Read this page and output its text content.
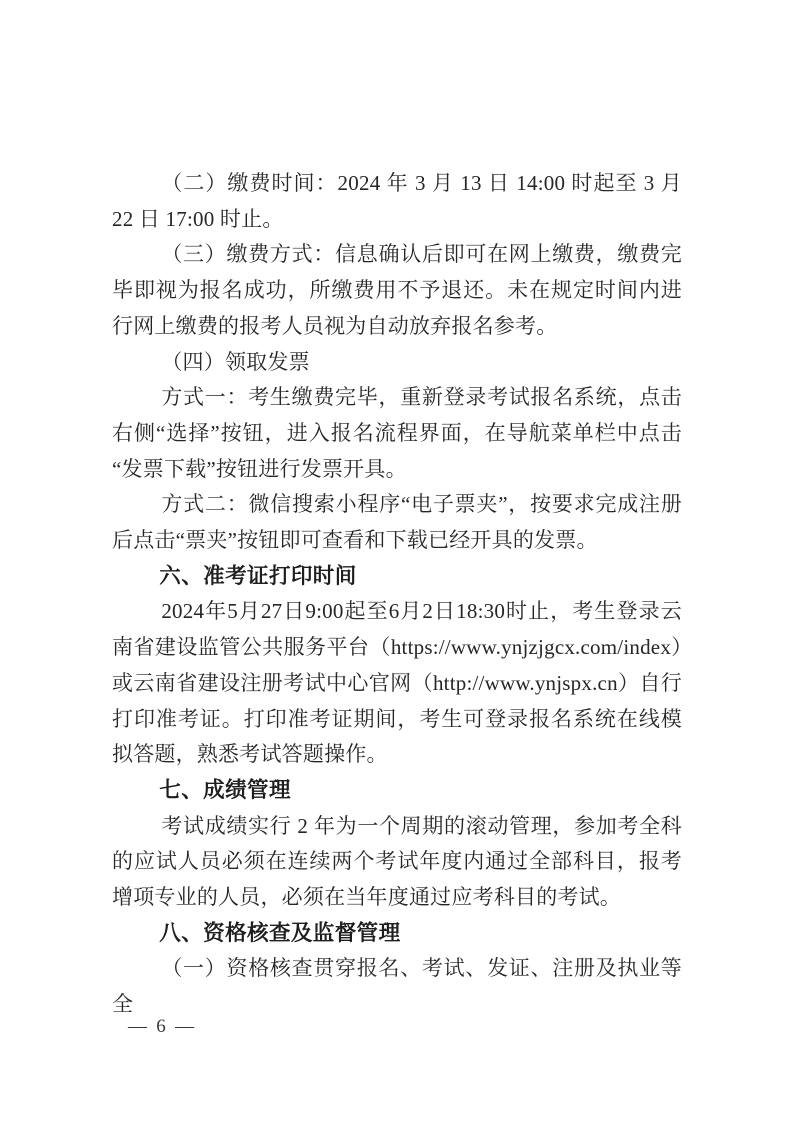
（二）缴费时间：2024 年 3 月 13 日 14:00 时起至 3 月 22 日 17:00 时止。

（三）缴费方式：信息确认后即可在网上缴费，缴费完毕即视为报名成功，所缴费用不予退还。未在规定时间内进行网上缴费的报考人员视为自动放弃报名参考。

（四）领取发票

方式一：考生缴费完毕，重新登录考试报名系统，点击右侧“选择”按钮，进入报名流程界面，在导航菜单栏中点击“发票下载”按钮进行发票开具。

方式二：微信搜索小程序“电子票夹”，按要求完成注册后点击“票夹”按钮即可查看和下载已经开具的发票。

六、准考证打印时间

2024年5月27日9:00起至6月2日18:30时止，考生登录云南省建设监管公共服务平台（https://www.ynjzjgcx.com/index）或云南省建设注册考试中心官网（http://www.ynjspx.cn）自行打印准考证。打印准考证期间，考生可登录报名系统在线模拟答题，熟悉考试答题操作。

七、成绩管理

考试成绩实行 2 年为一个周期的滚动管理，参加考全科的应试人员必须在连续两个考试年度内通过全部科目，报考增项专业的人员，必须在当年度通过应考科目的考试。

八、资格核查及监督管理

（一）资格核查贯穿报名、考试、发证、注册及执业等全

— 6 —
